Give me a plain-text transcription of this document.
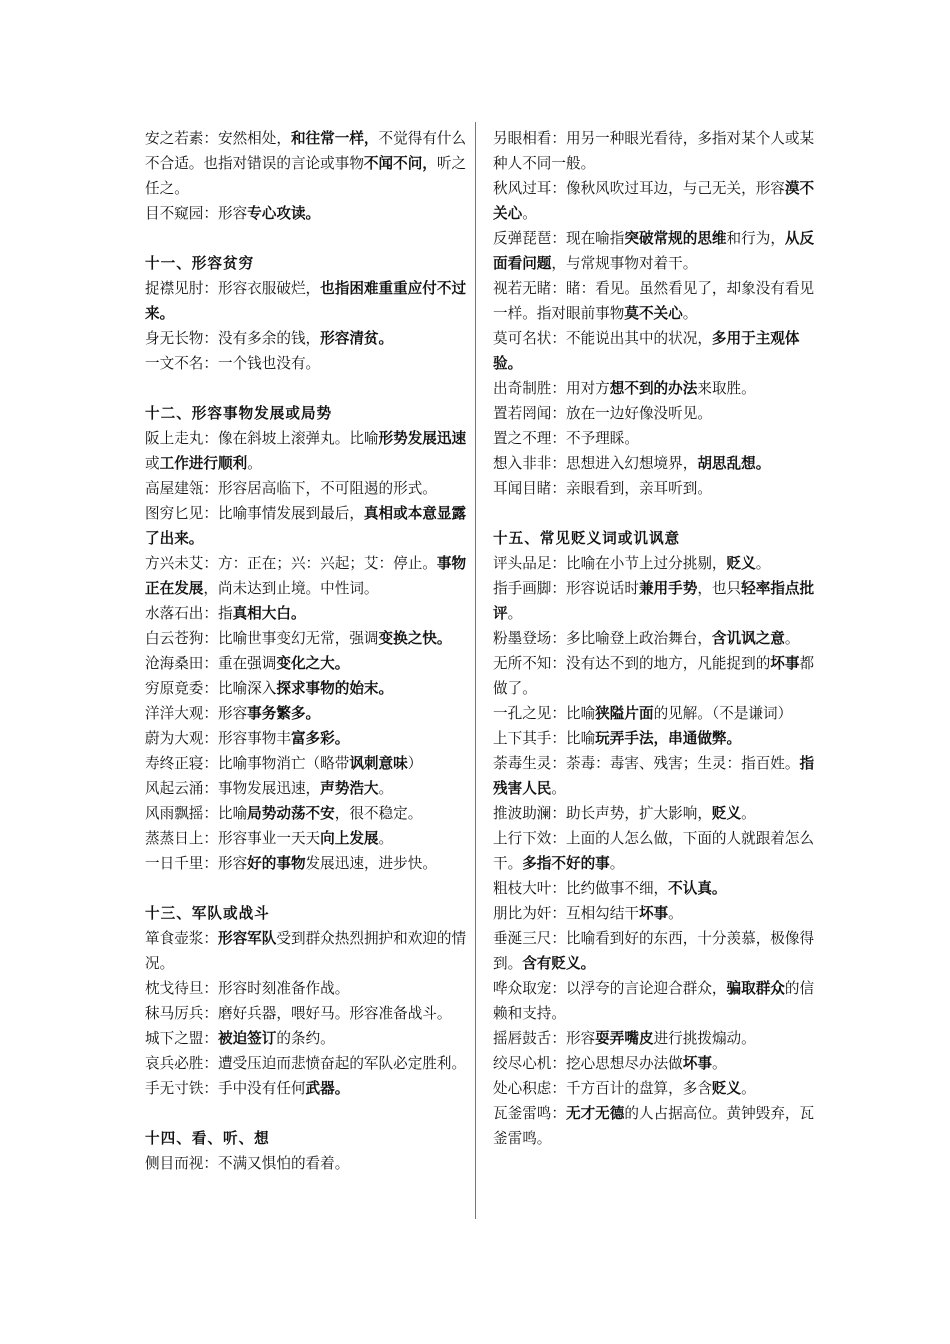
安之若素：安然相处，和往常一样，不觉得有什么不合适。也指对错误的言论或事物不闻不问，听之任之。
目不窥园：形容专心攻读。
十一、形容贫穷
捉襟见肘：形容衣服破烂，也指困难重重应付不过来。
身无长物：没有多余的钱，形容清贫。
一文不名：一个钱也没有。
十二、形容事物发展或局势
阪上走丸：像在斜坡上滚弹丸。比喻形势发展迅速或工作进行顺利。
高屋建瓴：形容居高临下，不可阻遏的形式。
图穷匕见：比喻事情发展到最后，真相或本意显露了出来。
方兴未艾：方：正在；兴：兴起；艾：停止。事物正在发展，尚未达到止境。中性词。
水落石出：指真相大白。
白云苍狗：比喻世事变幻无常，强调变换之快。
沧海桑田：重在强调变化之大。
穷原竟委：比喻深入探求事物的始末。
洋洋大观：形容事务繁多。
蔚为大观：形容事物丰富多彩。
寿终正寝：比喻事物消亡（略带讽刺意味）
风起云涌：事物发展迅速，声势浩大。
风雨飘摇：比喻局势动荡不安，很不稳定。
蒸蒸日上：形容事业一天天向上发展。
一日千里：形容好的事物发展迅速，进步快。
十三、军队或战斗
箪食壶浆：形容军队受到群众热烈拥护和欢迎的情况。
枕戈待旦：形容时刻准备作战。
秣马厉兵：磨好兵器，喂好马。形容准备战斗。
城下之盟：被迫签订的条约。
哀兵必胜：遭受压迫而悲愤奋起的军队必定胜利。
手无寸铁：手中没有任何武器。
十四、看、听、想
侧目而视：不满又惧怕的看着。
另眼相看：用另一种眼光看待，多指对某个人或某种人不同一般。
秋风过耳：像秋风吹过耳边，与己无关，形容漠不关心。
反弹琵琶：现在喻指突破常规的思维和行为，从反面看问题，与常规事物对着干。
视若无睹：睹：看见。虽然看见了，却象没有看见一样。指对眼前事物莫不关心。
莫可名状：不能说出其中的状况，多用于主观体验。
出奇制胜：用对方想不到的办法来取胜。
置若罔闻：放在一边好像没听见。
置之不理：不予理睬。
想入非非：思想进入幻想境界，胡思乱想。
耳闻目睹：亲眼看到，亲耳听到。
十五、常见贬义词或讥讽意
评头品足：比喻在小节上过分挑剔，贬义。
指手画脚：形容说话时兼用手势，也只轻率指点批评。
粉墨登场：多比喻登上政治舞台，含讥讽之意。
无所不知：没有达不到的地方，凡能捉到的坏事都做了。
一孔之见：比喻狭隘片面的见解。（不是谦词）
上下其手：比喻玩弄手法，串通做弊。
荼毒生灵：荼毒：毒害、残害；生灵：指百姓。指残害人民。
推波助澜：助长声势，扩大影响，贬义。
上行下效：上面的人怎么做，下面的人就跟着怎么干。多指不好的事。
粗枝大叶：比约做事不细，不认真。
朋比为奸：互相勾结干坏事。
垂涎三尺：比喻看到好的东西，十分羡慕，极像得到。含有贬义。
哗众取宠：以浮夸的言论迎合群众，骗取群众的信赖和支持。
摇唇鼓舌：形容耍弄嘴皮进行挑拨煽动。
绞尽心机：挖心思想尽办法做坏事。
处心积虑：千方百计的盘算，多含贬义。
瓦釜雷鸣：无才无德的人占据高位。黄钟毁弃，瓦釜雷鸣。
